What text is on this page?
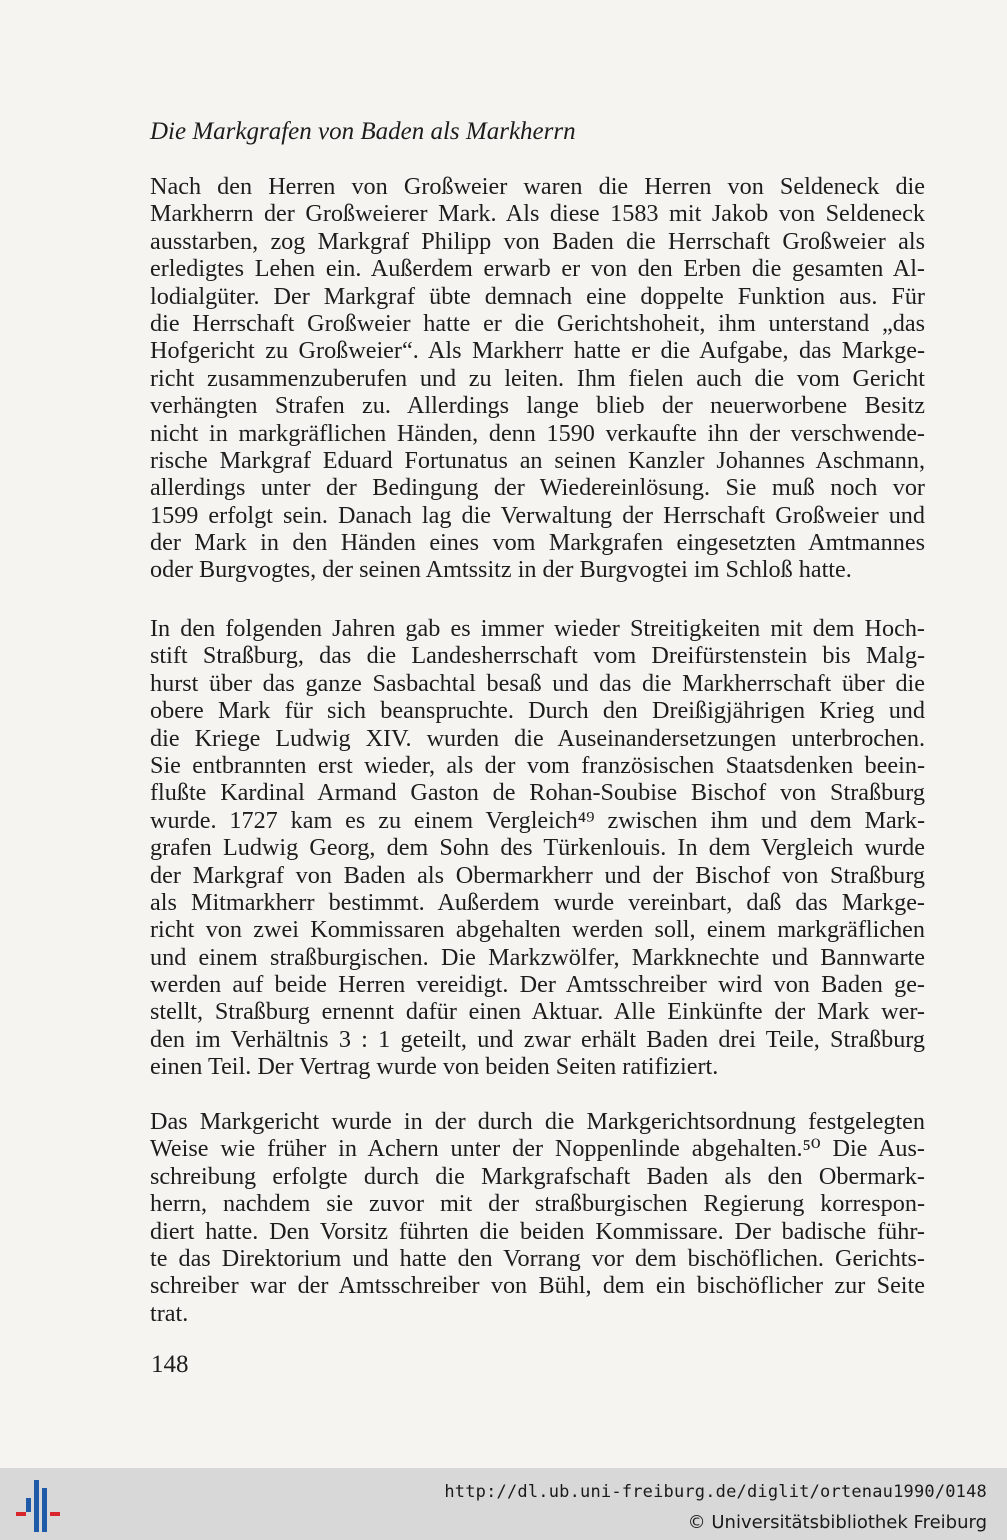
Die Markgrafen von Baden als Markherrn
Nach den Herren von Großweier waren die Herren von Seldeneck die
Markherrn der Großweierer Mark. Als diese 1583 mit Jakob von Seldeneck
ausstarben, zog Markgraf Philipp von Baden die Herrschaft Großweier als
erledigtes Lehen ein. Außerdem erwarb er von den Erben die gesamten Al-
lodialgüter. Der Markgraf übte demnach eine doppelte Funktion aus. Für
die Herrschaft Großweier hatte er die Gerichtshoheit, ihm unterstand „das
Hofgericht zu Großweier“. Als Markherr hatte er die Aufgabe, das Markge-
richt zusammenzuberufen und zu leiten. Ihm fielen auch die vom Gericht
verhängten Strafen zu. Allerdings lange blieb der neuerworbene Besitz
nicht in markgräflichen Händen, denn 1590 verkaufte ihn der verschwende-
rische Markgraf Eduard Fortunatus an seinen Kanzler Johannes Aschmann,
allerdings unter der Bedingung der Wiedereinlösung. Sie muß noch vor
1599 erfolgt sein. Danach lag die Verwaltung der Herrschaft Großweier und
der Mark in den Händen eines vom Markgrafen eingesetzten Amtmannes
oder Burgvogtes, der seinen Amtssitz in der Burgvogtei im Schloß hatte.
In den folgenden Jahren gab es immer wieder Streitigkeiten mit dem Hoch-
stift Straßburg, das die Landesherrschaft vom Dreifürstenstein bis Malg-
hurst über das ganze Sasbachtal besaß und das die Markherrschaft über die
obere Mark für sich beanspruchte. Durch den Dreißigjährigen Krieg und
die Kriege Ludwig XIV. wurden die Auseinandersetzungen unterbrochen.
Sie entbrannten erst wieder, als der vom französischen Staatsdenken beein-
flußte Kardinal Armand Gaston de Rohan-Soubise Bischof von Straßburg
wurde. 1727 kam es zu einem Vergleich⁴⁹ zwischen ihm und dem Mark-
grafen Ludwig Georg, dem Sohn des Türkenlouis. In dem Vergleich wurde
der Markgraf von Baden als Obermarkherr und der Bischof von Straßburg
als Mitmarkherr bestimmt. Außerdem wurde vereinbart, daß das Markge-
richt von zwei Kommissaren abgehalten werden soll, einem markgräflichen
und einem straßburgischen. Die Markzwölfer, Markknechte und Bannwarte
werden auf beide Herren vereidigt. Der Amtsschreiber wird von Baden ge-
stellt, Straßburg ernennt dafür einen Aktuar. Alle Einkünfte der Mark wer-
den im Verhältnis 3 : 1 geteilt, und zwar erhält Baden drei Teile, Straßburg
einen Teil. Der Vertrag wurde von beiden Seiten ratifiziert.
Das Markgericht wurde in der durch die Markgerichtsordnung festgelegten
Weise wie früher in Achern unter der Noppenlinde abgehalten.⁵⁰ Die Aus-
schreibung erfolgte durch die Markgrafschaft Baden als den Obermark-
herrn, nachdem sie zuvor mit der straßburgischen Regierung korrespon-
diert hatte. Den Vorsitz führten die beiden Kommissare. Der badische führ-
te das Direktorium und hatte den Vorrang vor dem bischöflichen. Gerichts-
schreiber war der Amtsschreiber von Bühl, dem ein bischöflicher zur Seite
trat.
148
http://dl.ub.uni-freiburg.de/diglit/ortenau1990/0148
© Universitätsbibliothek Freiburg
